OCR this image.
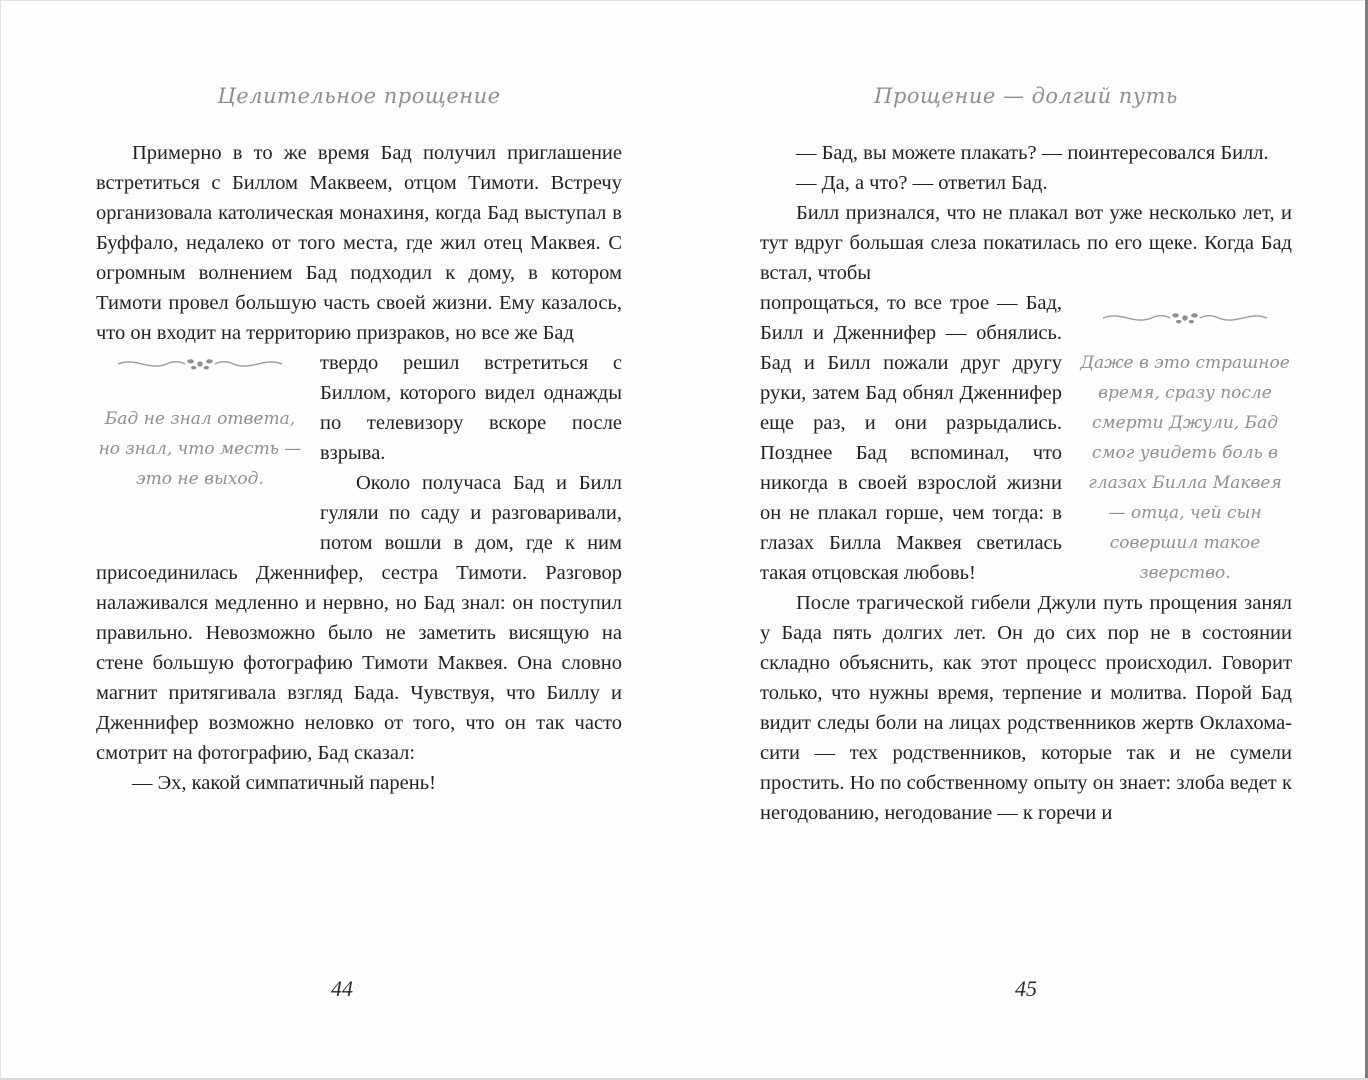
Целительное прощение

Примерно в то же время Бад получил приглашение встретиться с Биллом Маквеем, отцом Тимоти. Встречу организовала католическая монахиня, когда Бад выступал в Буффало, недалеко от того места, где жил отец Маквея. С огромным волнением Бад подходил к дому, в котором Тимоти провел большую часть своей жизни. Ему казалось, что он входит на территорию призраков, но все же Бад

Бад не знал ответа, но знал, что месть — это не выход.

твердо решил встретиться с Биллом, которого видел однажды по телевизору вскоре после взрыва.

Около получаса Бад и Билл гуляли по саду и разговаривали, потом вошли в дом, где к ним присоединилась Дженнифер, сестра Тимоти. Разговор налаживался медленно и нервно, но Бад знал: он поступил правильно. Невозможно было не заметить висящую на стене большую фотографию Тимоти Маквея. Она словно магнит притягивала взгляд Бада. Чувствуя, что Биллу и Дженнифер возможно неловко от того, что он так часто смотрит на фотографию, Бад сказал:

— Эх, какой симпатичный парень!

44
Прощение — долгий путь

— Бад, вы можете плакать? — поинтересовался Билл.

— Да, а что? — ответил Бад.

Билл признался, что не плакал вот уже несколько лет, и тут вдруг большая слеза покатилась по его щеке. Когда Бад встал, чтобы

Даже в это страшное время, сразу после смерти Джули, Бад смог увидеть боль в глазах Билла Маквея — отца, чей сын совершил такое зверство.

попрощаться, то все трое — Бад, Билл и Дженнифер — обнялись. Бад и Билл пожали друг другу руки, затем Бад обнял Дженнифер еще раз, и они разрыдались. Позднее Бад вспоминал, что никогда в своей взрослой жизни он не плакал горше, чем тогда: в глазах Билла Маквея светилась такая отцовская любовь!

После трагической гибели Джули путь прощения занял у Бада пять долгих лет. Он до сих пор не в состоянии складно объяснить, как этот процесс происходил. Говорит только, что нужны время, терпение и молитва. Порой Бад видит следы боли на лицах родственников жертв Оклахома-сити — тех родственников, которые так и не сумели простить. Но по собственному опыту он знает: злоба ведет к негодованию, негодование — к горечи и

45
